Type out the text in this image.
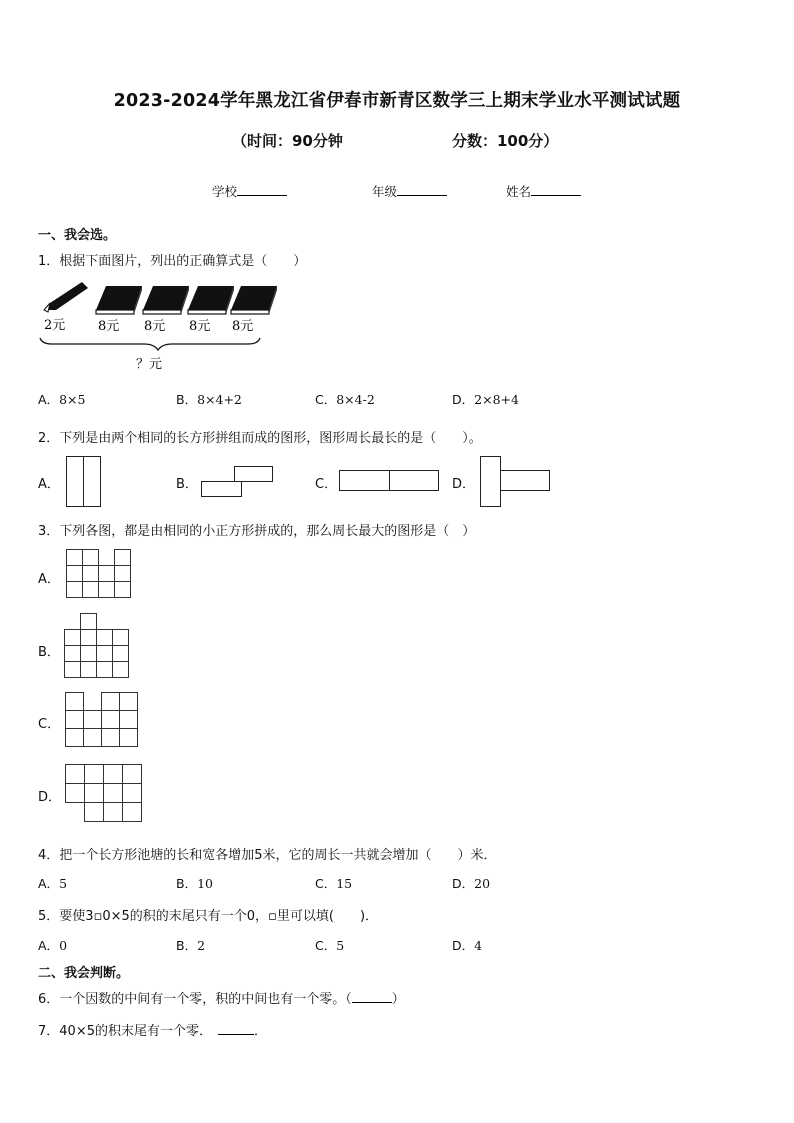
2023-2024学年黑龙江省伊春市新青区数学三上期末学业水平测试试题
（时间：90分钟	分数：100分）
学校	年级	姓名
一、我会选。
1．根据下面图片，列出的正确算式是（　　）
2元	8元 8元 8元 8元
？元
A．8×5	B．8×4+2	C．8×4-2	D．2×8+4
2．下列是由两个相同的长方形拼组而成的图形，图形周长最长的是（　　）。
A．	B．	C．	D．
3．下列各图，都是由相同的小正方形拼成的，那么周长最大的图形是（　）
A．
B．
C．
D．
4．把一个长方形池塘的长和宽各增加5米，它的周长一共就会增加（　　）米．
A．5	B．10	C．15	D．20
5．要使3▫0×5的积的末尾只有一个0，▫里可以填(　　)．
A．0	B．2	C．5	D．4
二、我会判断。
6．一个因数的中间有一个零，积的中间也有一个零。（	）
7．40×5的积末尾有一个零．	．
